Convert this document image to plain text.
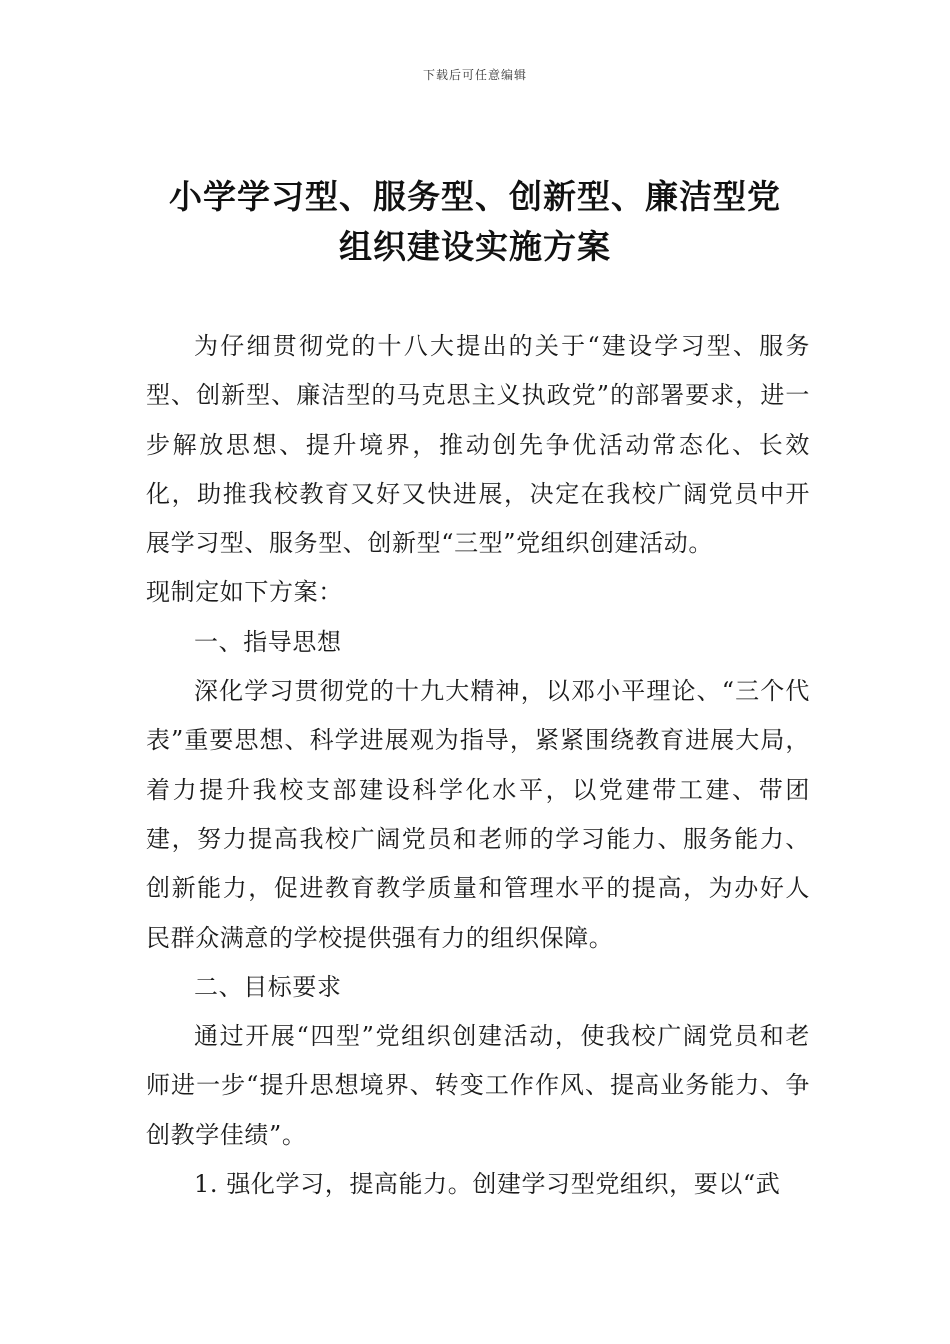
下载后可任意编辑
小学学习型、服务型、创新型、廉洁型党
组织建设实施方案

为仔细贯彻党的十八大提出的关于“建设学习型、服务型、创新型、廉洁型的马克思主义执政党”的部署要求，进一步解放思想、提升境界，推动创先争优活动常态化、长效化，助推我校教育又好又快进展，决定在我校广阔党员中开展学习型、服务型、创新型“三型”党组织创建活动。

现制定如下方案：

一、指导思想

深化学习贯彻党的十九大精神，以邓小平理论、“三个代表”重要思想、科学进展观为指导，紧紧围绕教育进展大局，着力提升我校支部建设科学化水平，以党建带工建、带团建，努力提高我校广阔党员和老师的学习能力、服务能力、创新能力，促进教育教学质量和管理水平的提高，为办好人民群众满意的学校提供强有力的组织保障。

二、目标要求

通过开展“四型”党组织创建活动，使我校广阔党员和老师进一步“提升思想境界、转变工作作风、提高业务能力、争创教学佳绩”。

1. 强化学习，提高能力。创建学习型党组织，要以“武
